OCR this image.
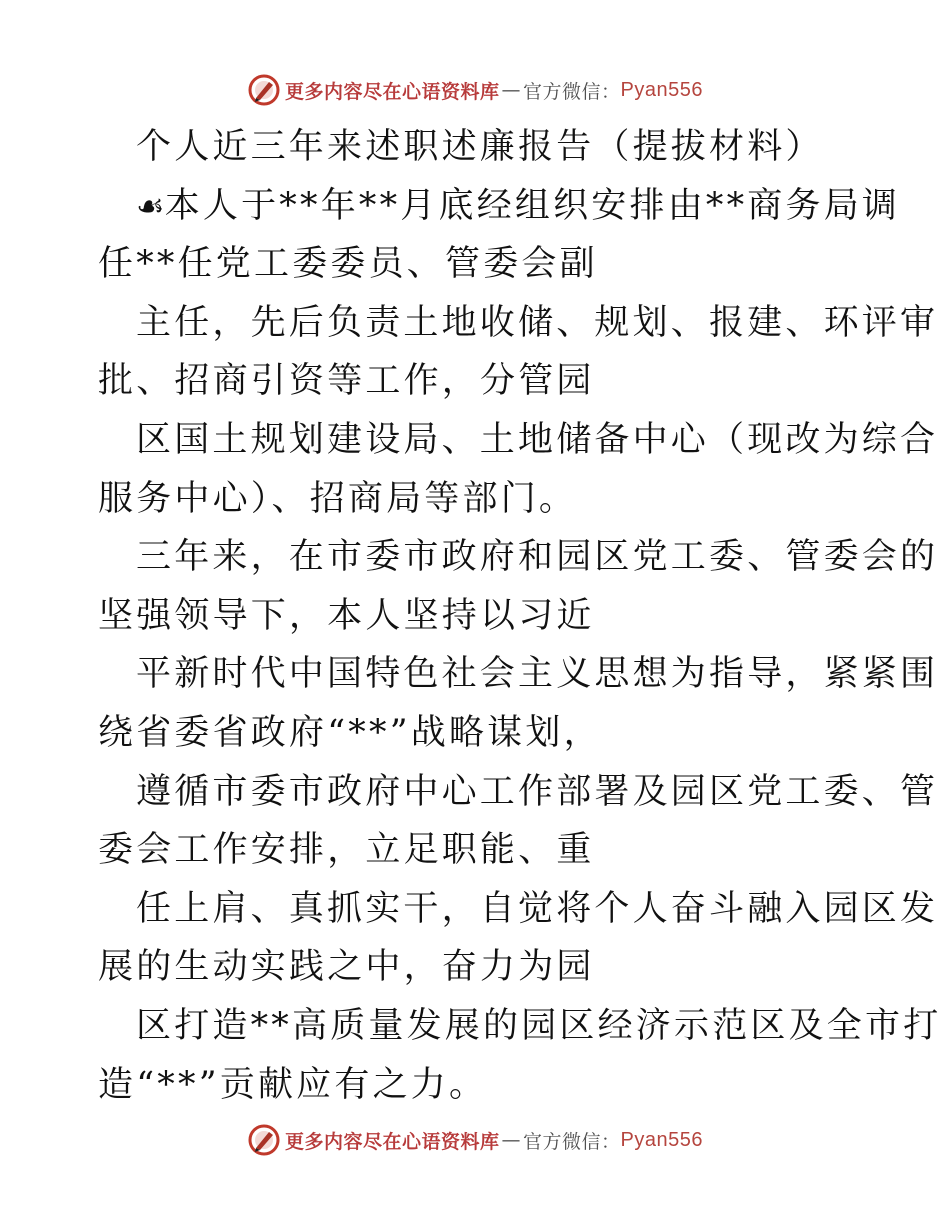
更多内容尽在心语资料库 — 官方微信： Pyan556
个人近三年来述职述廉报告（提拔材料）
☙本人于**年**月底经组织安排由**商务局调
任**任党工委委员、管委会副
主任，先后负责土地收储、规划、报建、环评审
批、招商引资等工作，分管园
区国土规划建设局、土地储备中心（现改为综合
服务中心）、招商局等部门。
三年来，在市委市政府和园区党工委、管委会的
坚强领导下，本人坚持以习近
平新时代中国特色社会主义思想为指导，紧紧围
绕省委省政府“**”战略谋划，
遵循市委市政府中心工作部署及园区党工委、管
委会工作安排，立足职能、重
任上肩、真抓实干，自觉将个人奋斗融入园区发
展的生动实践之中，奋力为园
区打造**高质量发展的园区经济示范区及全市打
造“**”贡献应有之力。
更多内容尽在心语资料库 — 官方微信： Pyan556
